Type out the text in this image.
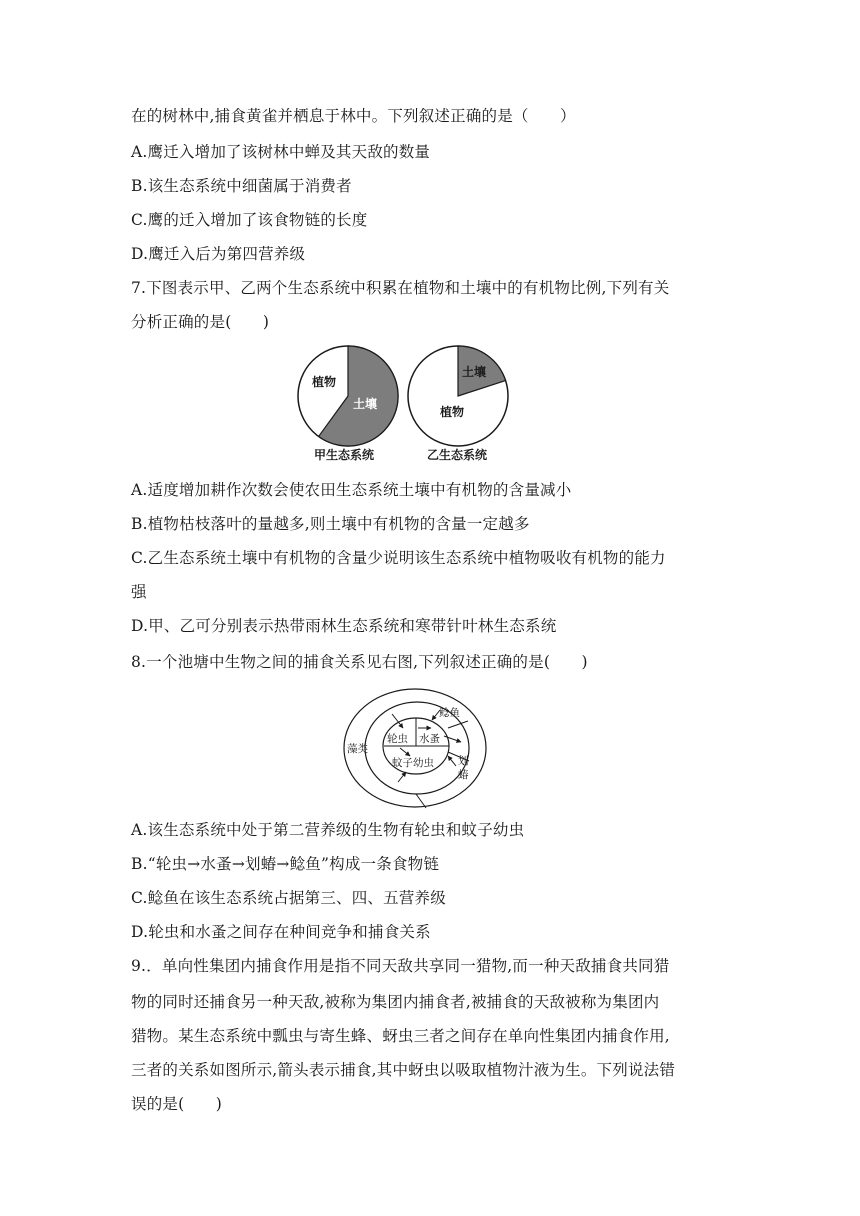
在的树林中,捕食黄雀并栖息于林中。下列叙述正确的是（　　）
A.鹰迁入增加了该树林中蝉及其天敌的数量
B.该生态系统中细菌属于消费者
C.鹰的迁入增加了该食物链的长度
D.鹰迁入后为第四营养级
7.下图表示甲、乙两个生态系统中积累在植物和土壤中的有机物比例,下列有关
分析正确的是(　　)
植物
土壤
甲生态系统
土壤
植物
乙生态系统
A.适度增加耕作次数会使农田生态系统土壤中有机物的含量减小
B.植物枯枝落叶的量越多,则土壤中有机物的含量一定越多
C.乙生态系统土壤中有机物的含量少说明该生态系统中植物吸收有机物的能力
强
D.甲、乙可分别表示热带雨林生态系统和寒带针叶林生态系统
8.一个池塘中生物之间的捕食关系见右图,下列叙述正确的是(　　)
藻类
轮虫 水蚤
鲶鱼
蚊子幼虫 划
蝽
A.该生态系统中处于第二营养级的生物有轮虫和蚊子幼虫
B.“轮虫→水蚤→划蝽→鲶鱼”构成一条食物链
C.鲶鱼在该生态系统占据第三、四、五营养级
D.轮虫和水蚤之间存在种间竞争和捕食关系
9.．单向性集团内捕食作用是指不同天敌共享同一猎物,而一种天敌捕食共同猎
物的同时还捕食另一种天敌,被称为集团内捕食者,被捕食的天敌被称为集团内
猎物。某生态系统中瓢虫与寄生蜂、蚜虫三者之间存在单向性集团内捕食作用,
三者的关系如图所示,箭头表示捕食,其中蚜虫以吸取植物汁液为生。下列说法错
误的是(　　)
